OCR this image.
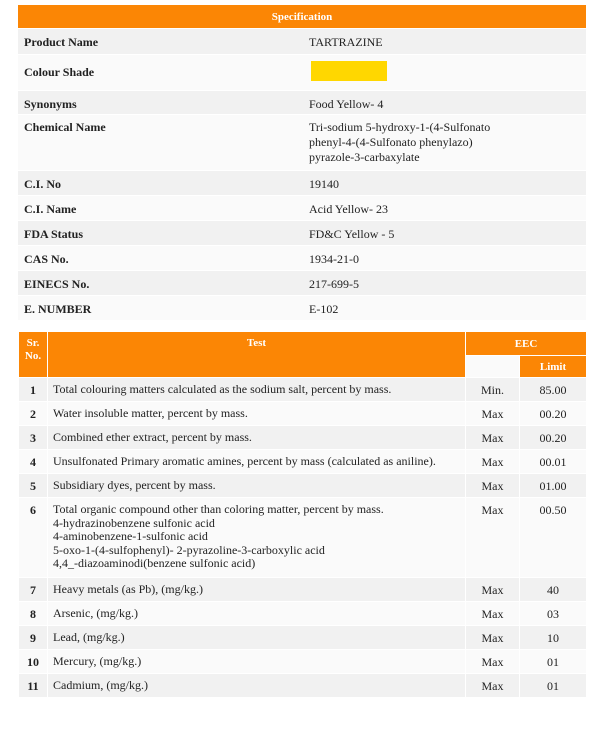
Specification	
Product Name	TARTRAZINE
Colour Shade	
Synonyms	Food Yellow- 4
Chemical Name	Tri-sodium 5-hydroxy-1-(4-Sulfonato
phenyl-4-(4-Sulfonato phenylazo)
pyrazole-3-carbaxylate
C.I. No	19140
C.I. Name	Acid Yellow- 23
FDA Status	FD&C Yellow - 5
CAS No.	1934-21-0
EINECS No.	217-699-5
E. NUMBER	E-102
Sr.
No.	Test	EEC	
			Limit
1	Total colouring matters calculated as the sodium salt, percent by mass.	Min.	85.00
2	Water insoluble matter, percent by mass.	Max	00.20
3	Combined ether extract, percent by mass.	Max	00.20
4	Unsulfonated Primary aromatic amines, percent by mass (calculated as aniline).	Max	00.01
5	Subsidiary dyes, percent by mass.	Max	01.00
6	Total organic compound other than coloring matter, percent by mass.
4-hydrazinobenzene sulfonic acid
4-aminobenzene-1-sulfonic acid
5-oxo-1-(4-sulfophenyl)- 2-pyrazoline-3-carboxylic acid
4,4_-diazoaminodi(benzene sulfonic acid)	Max	00.50
7	Heavy metals (as Pb), (mg/kg.)	Max	40
8	Arsenic, (mg/kg.)	Max	03
9	Lead, (mg/kg.)	Max	10
10	Mercury, (mg/kg.)	Max	01
11	Cadmium, (mg/kg.)	Max	01
